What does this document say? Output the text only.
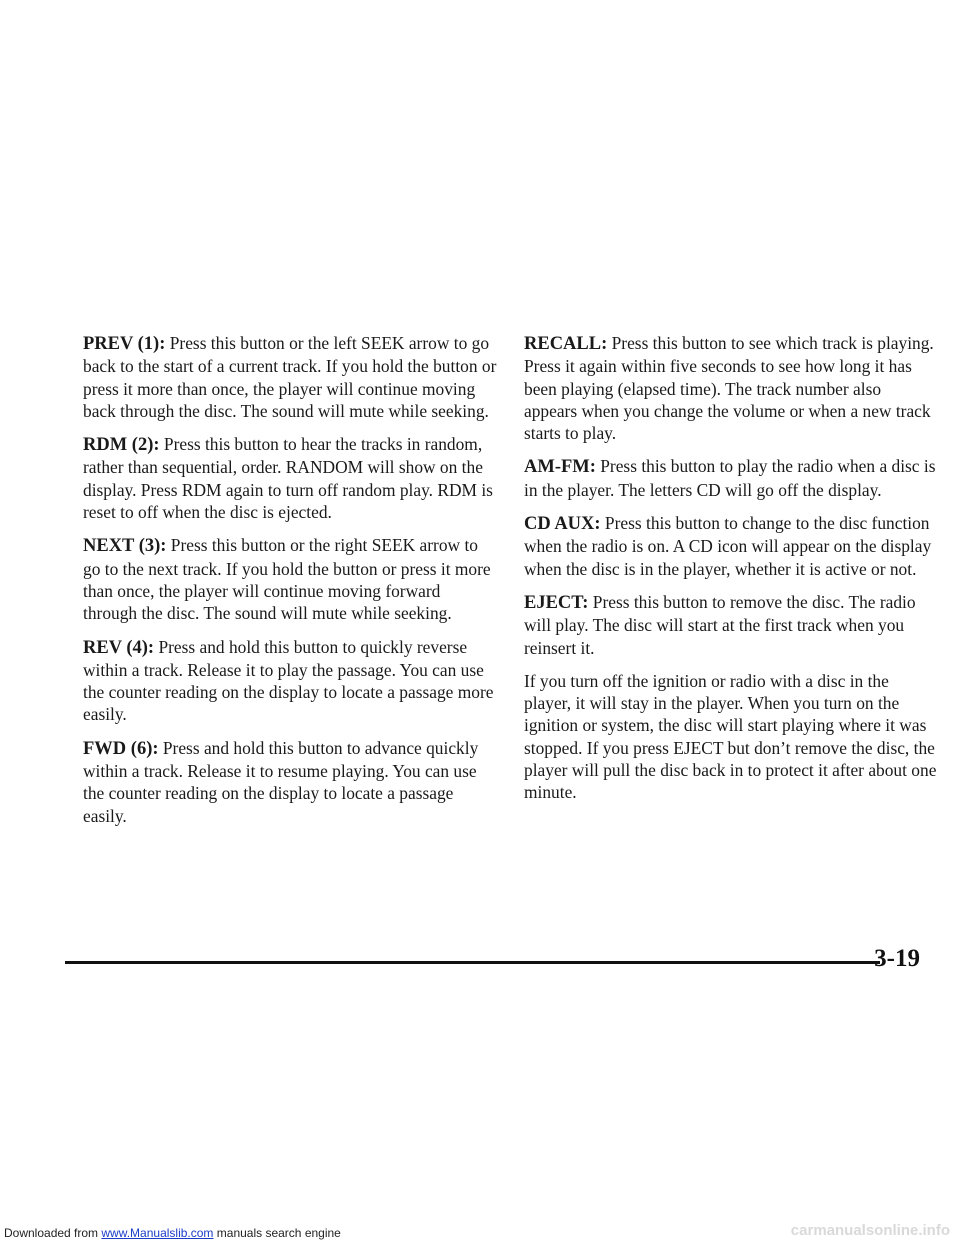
PREV (1): Press this button or the left SEEK arrow to go back to the start of a current track. If you hold the button or press it more than once, the player will continue moving back through the disc. The sound will mute while seeking.

RDM (2): Press this button to hear the tracks in random, rather than sequential, order. RANDOM will show on the display. Press RDM again to turn off random play. RDM is reset to off when the disc is ejected.

NEXT (3): Press this button or the right SEEK arrow to go to the next track. If you hold the button or press it more than once, the player will continue moving forward through the disc. The sound will mute while seeking.

REV (4): Press and hold this button to quickly reverse within a track. Release it to play the passage. You can use the counter reading on the display to locate a passage more easily.

FWD (6): Press and hold this button to advance quickly within a track. Release it to resume playing. You can use the counter reading on the display to locate a passage easily.

RECALL: Press this button to see which track is playing. Press it again within five seconds to see how long it has been playing (elapsed time). The track number also appears when you change the volume or when a new track starts to play.

AM-FM: Press this button to play the radio when a disc is in the player. The letters CD will go off the display.

CD AUX: Press this button to change to the disc function when the radio is on. A CD icon will appear on the display when the disc is in the player, whether it is active or not.

EJECT: Press this button to remove the disc. The radio will play. The disc will start at the first track when you reinsert it.

If you turn off the ignition or radio with a disc in the player, it will stay in the player. When you turn on the ignition or system, the disc will start playing where it was stopped. If you press EJECT but don’t remove the disc, the player will pull the disc back in to protect it after about one minute.

3-19
Downloaded from www.Manualslib.com manuals search engine	carmanualsonline.info
